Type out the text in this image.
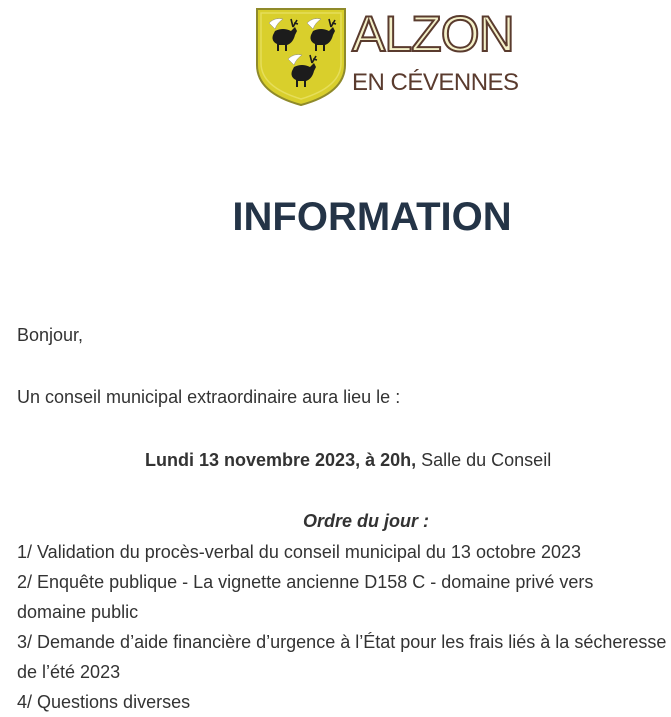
ALZON
EN CÉVENNES
INFORMATION

Bonjour,

Un conseil municipal extraordinaire aura lieu le :

Lundi 13 novembre 2023, à 20h, Salle du Conseil

Ordre du jour :

1/ Validation du procès-verbal du conseil municipal du 13 octobre 2023
2/ Enquête publique - La vignette ancienne D158 C - domaine privé vers domaine public
3/ Demande d’aide financière d’urgence à l’État pour les frais liés à la sécheresse de l’été 2023
4/ Questions diverses
